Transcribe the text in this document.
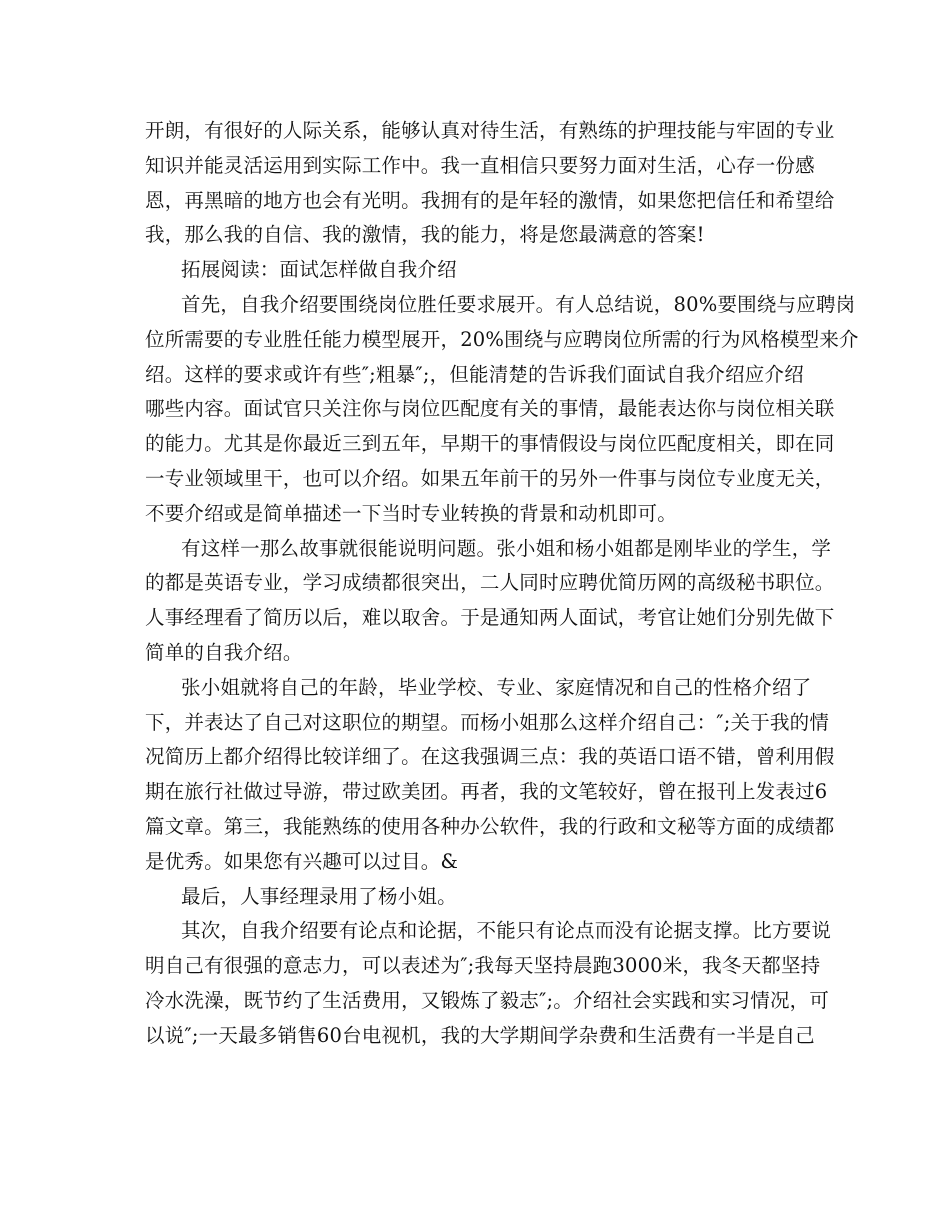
开朗，有很好的人际关系，能够认真对待生活，有熟练的护理技能与牢固的专业
知识并能灵活运用到实际工作中。我一直相信只要努力面对生活，心存一份感
恩，再黑暗的地方也会有光明。我拥有的是年轻的激情，如果您把信任和希望给
我，那么我的自信、我的激情，我的能力，将是您最满意的答案!
拓展阅读：面试怎样做自我介绍
首先，自我介绍要围绕岗位胜任要求展开。有人总结说，80%要围绕与应聘岗
位所需要的专业胜任能力模型展开，20%围绕与应聘岗位所需的行为风格模型来介
绍。这样的要求或许有些″;粗暴″;，但能清楚的告诉我们面试自我介绍应介绍
哪些内容。面试官只关注你与岗位匹配度有关的事情，最能表达你与岗位相关联
的能力。尤其是你最近三到五年，早期干的事情假设与岗位匹配度相关，即在同
一专业领域里干，也可以介绍。如果五年前干的另外一件事与岗位专业度无关，
不要介绍或是简单描述一下当时专业转换的背景和动机即可。
有这样一那么故事就很能说明问题。张小姐和杨小姐都是刚毕业的学生，学
的都是英语专业，学习成绩都很突出，二人同时应聘优简历网的高级秘书职位。
人事经理看了简历以后，难以取舍。于是通知两人面试，考官让她们分别先做下
简单的自我介绍。
张小姐就将自己的年龄，毕业学校、专业、家庭情况和自己的性格介绍了
下，并表达了自己对这职位的期望。而杨小姐那么这样介绍自己：″;关于我的情
况简历上都介绍得比较详细了。在这我强调三点：我的英语口语不错，曾利用假
期在旅行社做过导游，带过欧美团。再者，我的文笔较好，曾在报刊上发表过6
篇文章。第三，我能熟练的使用各种办公软件，我的行政和文秘等方面的成绩都
是优秀。如果您有兴趣可以过目。&
最后，人事经理录用了杨小姐。
其次，自我介绍要有论点和论据，不能只有论点而没有论据支撑。比方要说
明自己有很强的意志力，可以表述为″;我每天坚持晨跑3000米，我冬天都坚持
冷水洗澡，既节约了生活费用，又锻炼了毅志″;。介绍社会实践和实习情况，可
以说″;一天最多销售60台电视机，我的大学期间学杂费和生活费有一半是自己
